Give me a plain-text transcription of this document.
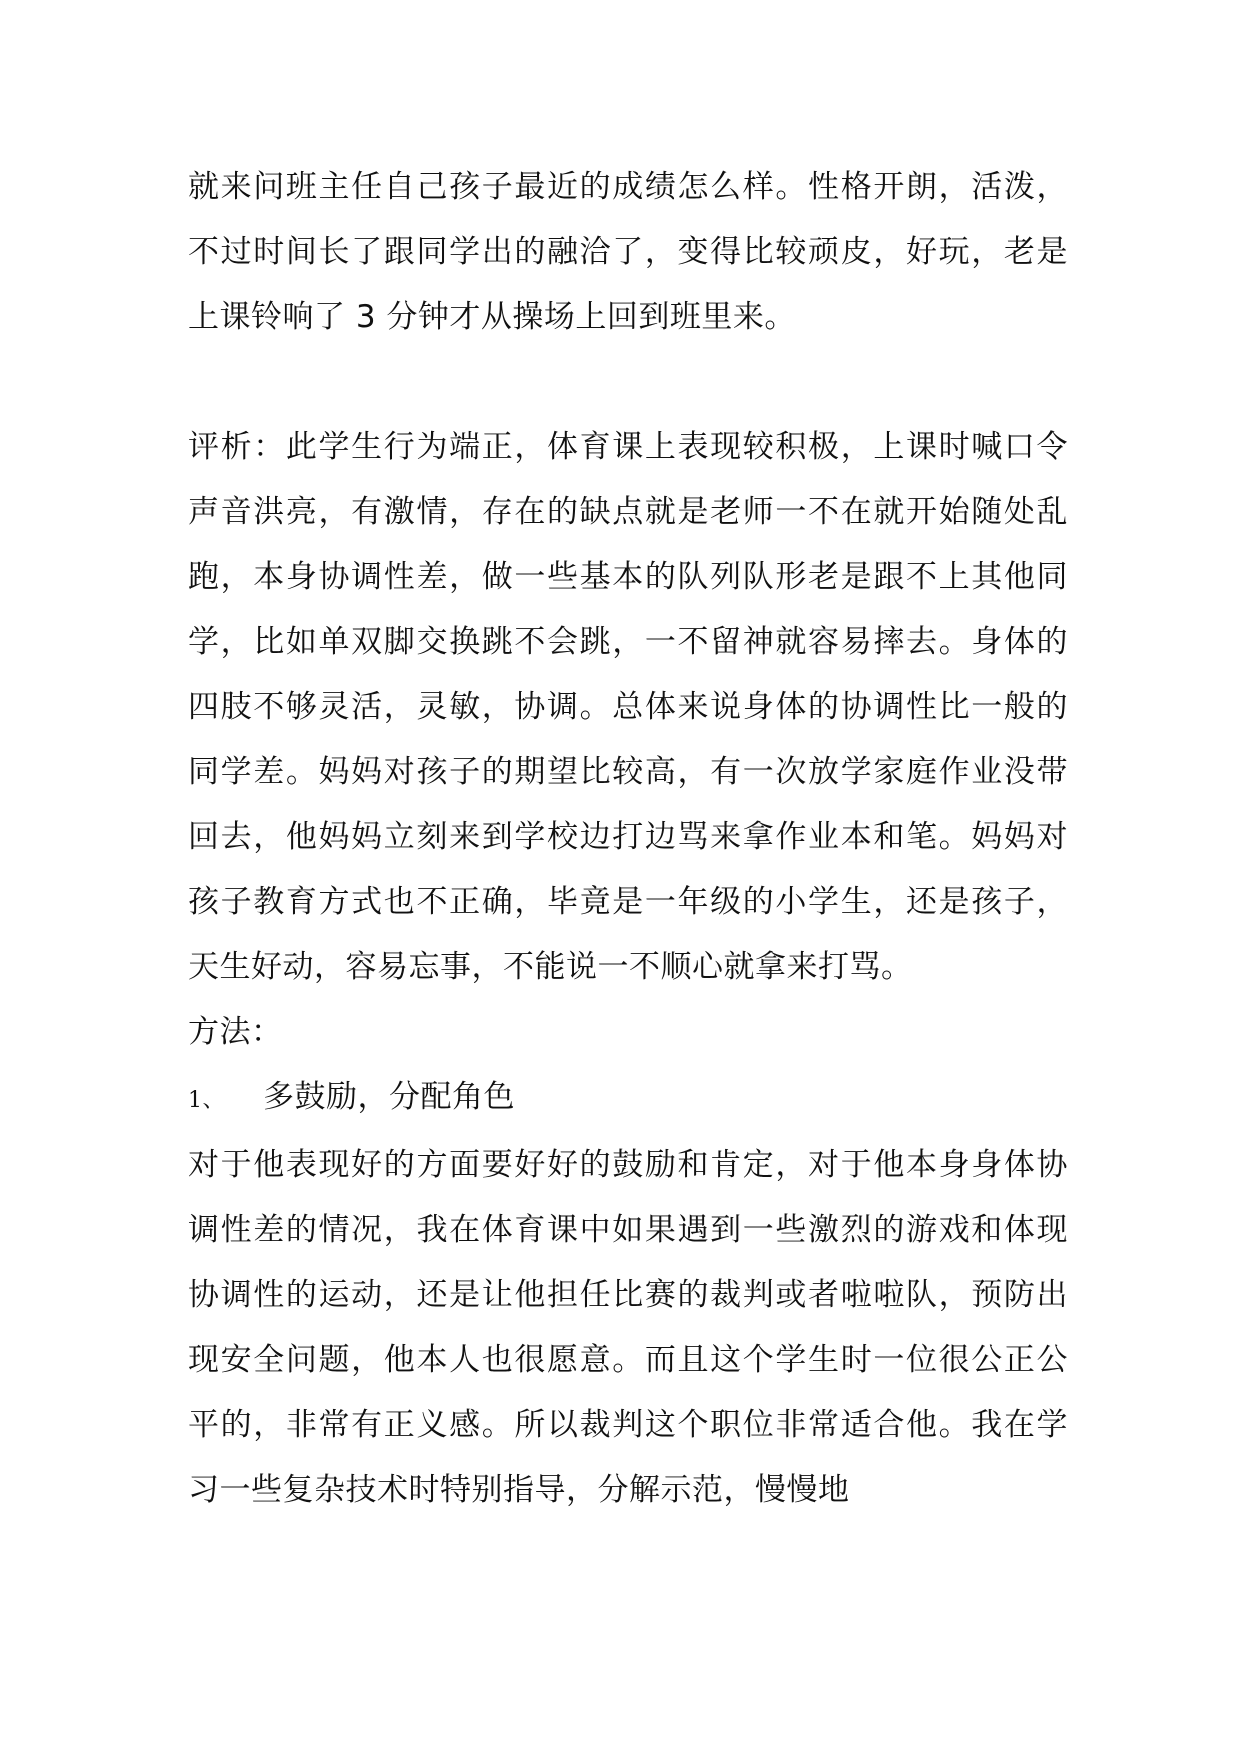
就来问班主任自己孩子最近的成绩怎么样。性格开朗，活泼，不过时间长了跟同学出的融洽了，变得比较顽皮，好玩，老是上课铃响了 3 分钟才从操场上回到班里来。

评析：此学生行为端正，体育课上表现较积极，上课时喊口令声音洪亮，有激情，存在的缺点就是老师一不在就开始随处乱跑，本身协调性差，做一些基本的队列队形老是跟不上其他同学，比如单双脚交换跳不会跳，一不留神就容易摔去。身体的四肢不够灵活，灵敏，协调。总体来说身体的协调性比一般的同学差。妈妈对孩子的期望比较高，有一次放学家庭作业没带回去，他妈妈立刻来到学校边打边骂来拿作业本和笔。妈妈对孩子教育方式也不正确，毕竟是一年级的小学生，还是孩子，天生好动，容易忘事，不能说一不顺心就拿来打骂。

方法：

1、	多鼓励，分配角色

对于他表现好的方面要好好的鼓励和肯定，对于他本身身体协调性差的情况，我在体育课中如果遇到一些激烈的游戏和体现协调性的运动，还是让他担任比赛的裁判或者啦啦队，预防出现安全问题，他本人也很愿意。而且这个学生时一位很公正公平的，非常有正义感。所以裁判这个职位非常适合他。我在学习一些复杂技术时特别指导，分解示范，慢慢地
